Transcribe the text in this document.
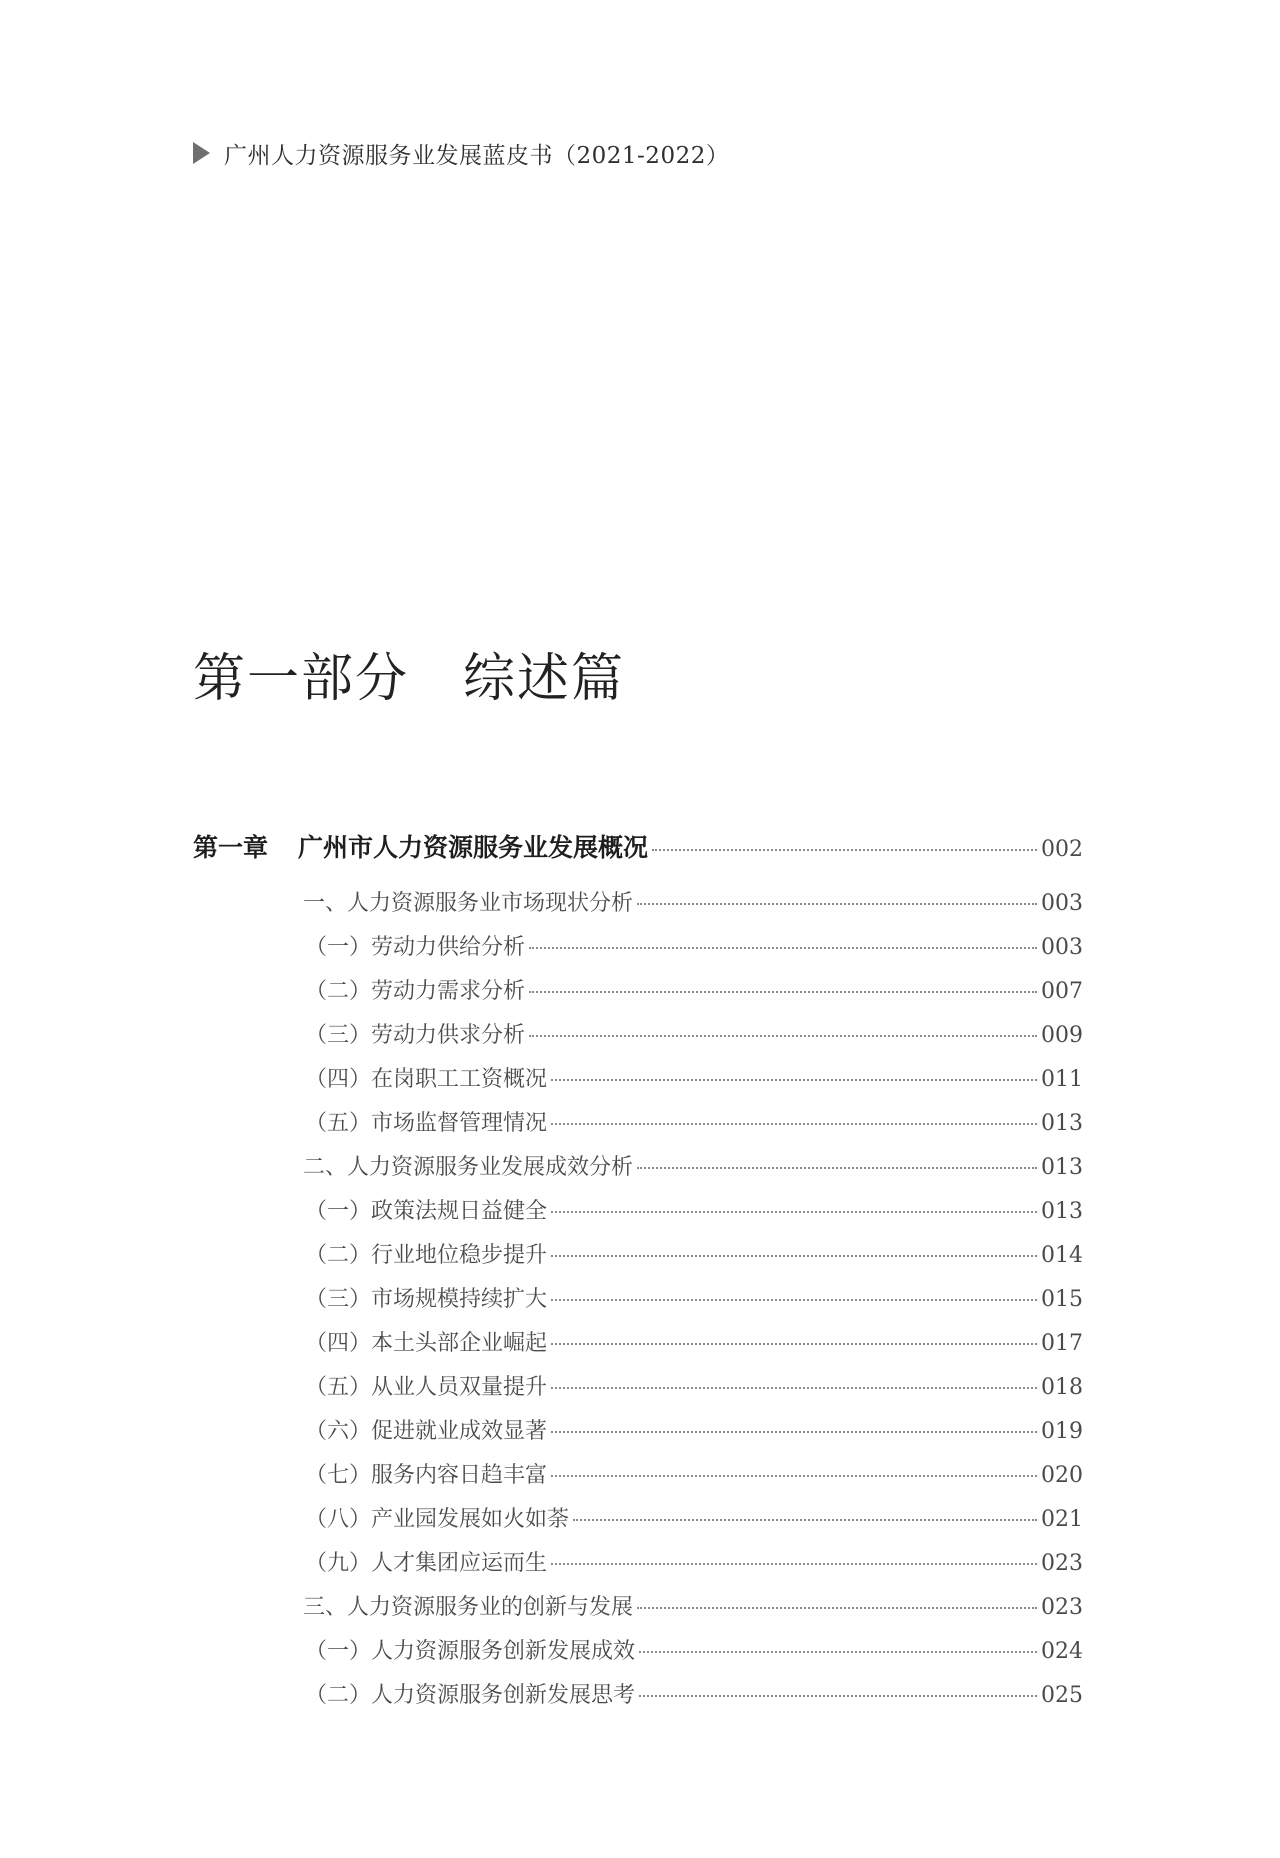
广州人力资源服务业发展蓝皮书（2021-2022）
第一部分　综述篇
第一章 广州市人力资源服务业发展概况	002
一、人力资源服务业市场现状分析	003
（一）劳动力供给分析	003
（二）劳动力需求分析	007
（三）劳动力供求分析	009
（四）在岗职工工资概况	011
（五）市场监督管理情况	013
二、人力资源服务业发展成效分析	013
（一）政策法规日益健全	013
（二）行业地位稳步提升	014
（三）市场规模持续扩大	015
（四）本土头部企业崛起	017
（五）从业人员双量提升	018
（六）促进就业成效显著	019
（七）服务内容日趋丰富	020
（八）产业园发展如火如荼	021
（九）人才集团应运而生	023
三、人力资源服务业的创新与发展	023
（一）人力资源服务创新发展成效	024
（二）人力资源服务创新发展思考	025
